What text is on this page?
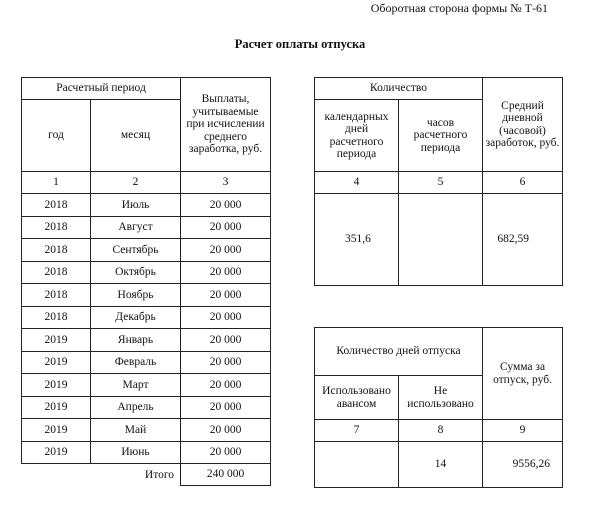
Оборотная сторона формы № Т-61
Расчет оплаты отпуска
Расчетный период		Выплаты, учитываемые при исчислении среднего заработка, руб.
год	месяц	
1	2	3
2018	Июль	20 000
2018	Август	20 000
2018	Сентябрь	20 000
2018	Октябрь	20 000
2018	Ноябрь	20 000
2018	Декабрь	20 000
2019	Январь	20 000
2019	Февраль	20 000
2019	Март	20 000
2019	Апрель	20 000
2019	Май	20 000
2019	Июнь	20 000
	Итого	240 000
Количество		Средний дневной (часовой) заработок, руб.
календарных дней расчетного периода	часов расчетного периода	
4	5	6
351,6		682,59
Количество дней отпуска		Сумма за отпуск, руб.
Использовано авансом	Не использовано	
7	8	9
	14	9556,26
